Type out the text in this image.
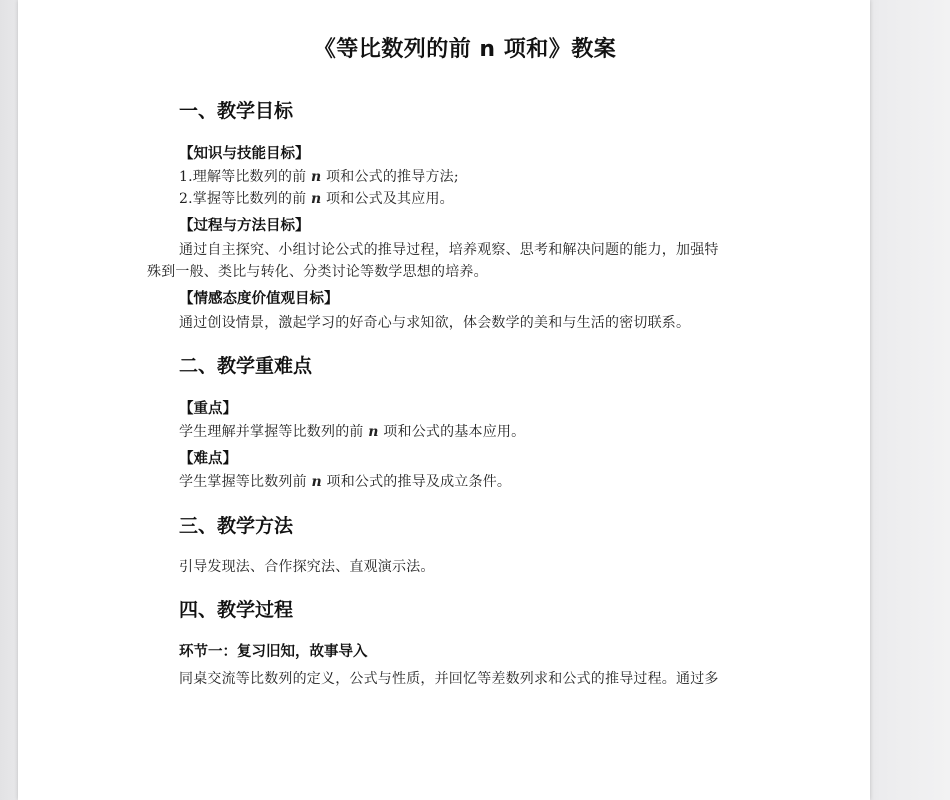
《等比数列的前 n 项和》教案
一、教学目标
【知识与技能目标】
1.理解等比数列的前 n 项和公式的推导方法;
2.掌握等比数列的前 n 项和公式及其应用。
【过程与方法目标】
通过自主探究、小组讨论公式的推导过程，培养观察、思考和解决问题的能力，加强特
殊到一般、类比与转化、分类讨论等数学思想的培养。
【情感态度价值观目标】
通过创设情景，激起学习的好奇心与求知欲，体会数学的美和与生活的密切联系。
二、教学重难点
【重点】
学生理解并掌握等比数列的前 n 项和公式的基本应用。
【难点】
学生掌握等比数列前 n 项和公式的推导及成立条件。
三、教学方法
引导发现法、合作探究法、直观演示法。
四、教学过程
环节一：复习旧知，故事导入
同桌交流等比数列的定义，公式与性质，并回忆等差数列求和公式的推导过程。通过多
